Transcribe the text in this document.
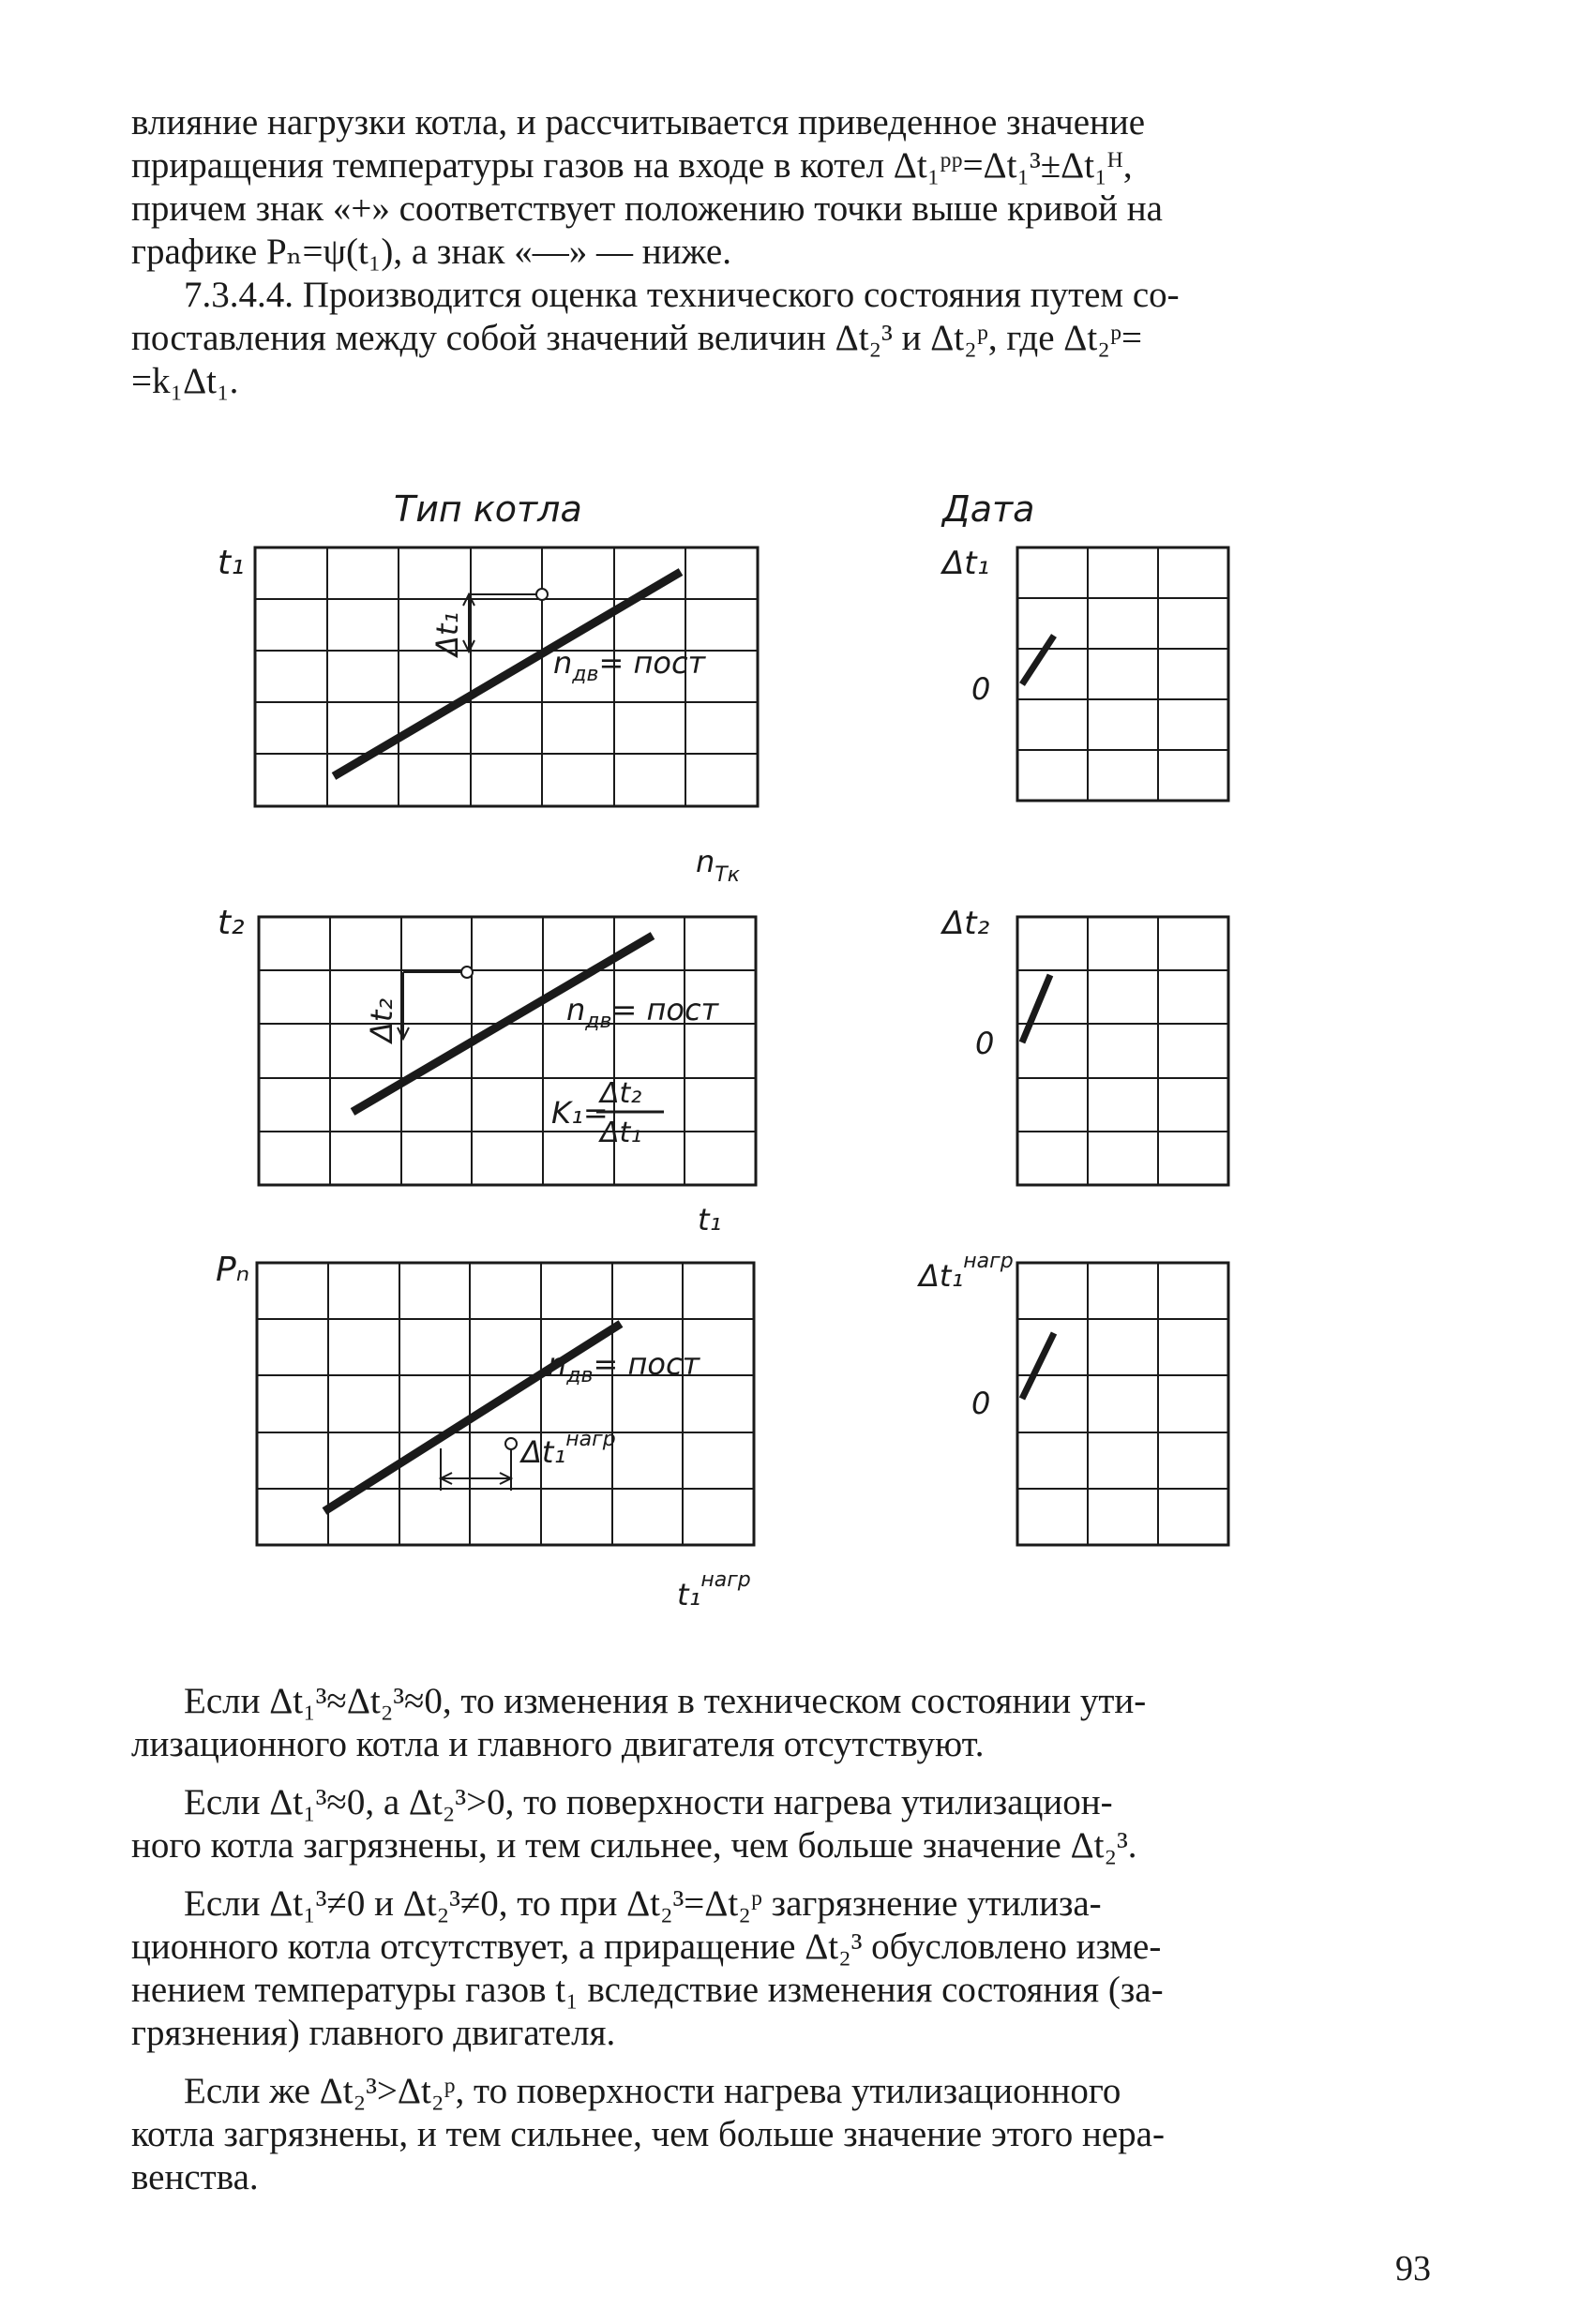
влияние нагрузки котла, и рассчитывается приведенное значение
приращения температуры газов на входе в котел Δt₁ᵖᵖ=Δt₁³±Δt₁ᴴ,
причем знак «+» соответствует положению точки выше кривой на
графике Pₙ=ψ(t₁), а знак «—» — ниже.
7.3.4.4. Производится оценка технического состояния путем со-
поставления между собой значений величин Δt₂³ и Δt₂ᵖ, где Δt₂ᵖ=
=k₁Δt₁.
Тип котла	Дата
t₁
Δt₁
$n_{дв}=$ пост
$n_{Тк}$
t₂
Δt₂	$n_{дв}=$ пост
K₁=
Δt₂
Δt₁
t₁
Pₙ
$n_{дв}=$ пост
Δt₁$^{нагр}$
t₁$^{нагр}$
Δt₁
0
Δt₂
0
Δt₁$^{нагр}$
0
Если Δt₁³≈Δt₂³≈0, то изменения в техническом состоянии ути-
лизационного котла и главного двигателя отсутствуют.
Если Δt₁³≈0, а Δt₂³>0, то поверхности нагрева утилизацион-
ного котла загрязнены, и тем сильнее, чем больше значение Δt₂³.
Если Δt₁³≠0 и Δt₂³≠0, то при Δt₂³=Δt₂ᵖ загрязнение утилиза-
ционного котла отсутствует, а приращение Δt₂³ обусловлено изме-
нением температуры газов t₁ вследствие изменения состояния (за-
грязнения) главного двигателя.
Если же Δt₂³>Δt₂ᵖ, то поверхности нагрева утилизационного
котла загрязнены, и тем сильнее, чем больше значение этого нера-
венства.
93
